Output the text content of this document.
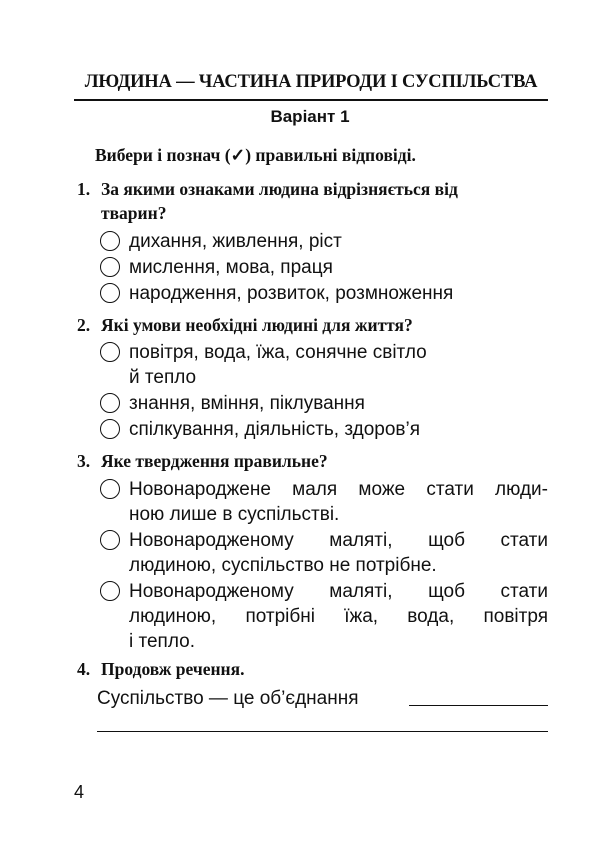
ЛЮДИНА — ЧАСТИНА ПРИРОДИ І СУСПІЛЬСТВА
Варіант 1
Вибери і познач (✓) правильні відповіді.
1. За якими ознаками людина відрізняється від
тварин?
дихання, живлення, ріст
мислення, мова, праця
народження, розвиток, розмноження
2. Які умови необхідні людині для життя?
повітря, вода, їжа, сонячне світло
й тепло
знання, вміння, піклування
спілкування, діяльність, здоров’я
3. Яке твердження правильне?
Новонароджене маля може стати люди-
ною лише в суспільстві.
Новонародженому маляті, щоб стати
людиною, суспільство не потрібне.
Новонародженому маляті, щоб стати
людиною, потрібні їжа, вода, повітря
і тепло.
4. Продовж речення.
Суспільство — це об’єднання
4
